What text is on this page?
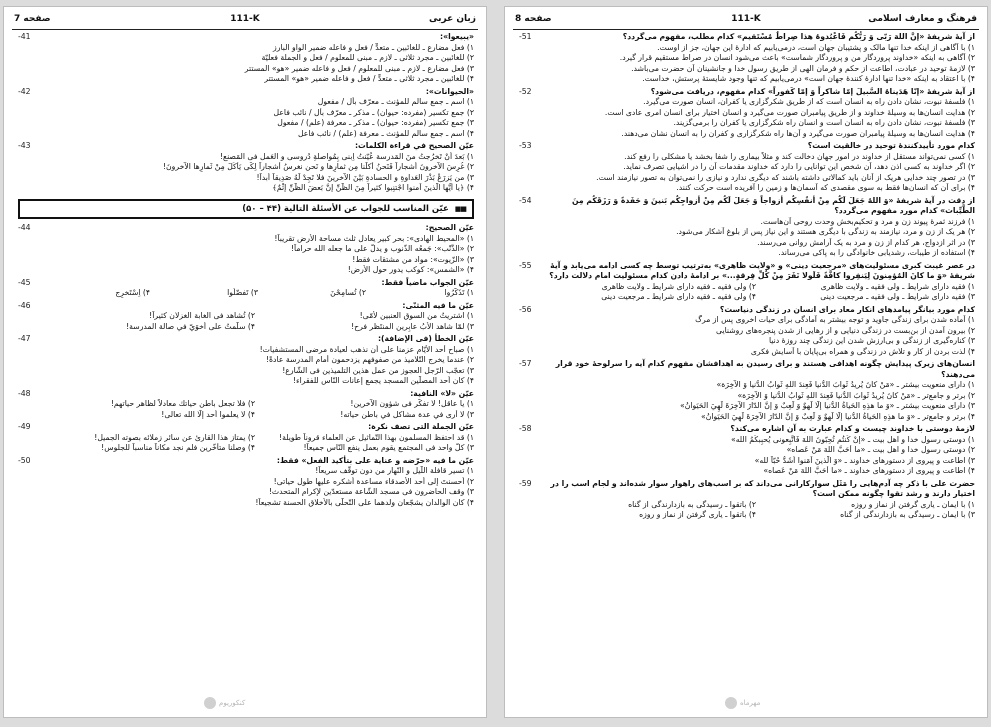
صفحه 7	111-K	زبان عربی
«يبيعوا»:
۱) فعل مضارع ـ للغائبین ـ متعدٍّ / فعل و فاعله ضمیر الواو البارز
۲) للغائبین ـ مجرد ثلاثی ـ لازم ـ مبنی للمعلوم / فعل و الجملة فعلیّة
۳) فعل مضارع ـ لازم ـ مبنی للمعلوم / فعل و فاعله ضمیر «هو» المستتر
۴) للغائبین ـ مجرد ثلاثی ـ متعدٍّ / فعل و فاعله ضمیر «هو» المستتر
-41
«الحيوانات»:
۱) اسم ـ جمع سالم للمؤنث ـ معرّف بأل / مفعول
۲) جمع تكسير (مفرده: حیوان) ـ مذکر ـ معرّف بأل / نائب فاعل
۳) جمع تكسير (مفرده: حیوان) ـ مذکر ـ معرفة (علم) / مفعول
۴) اسم ـ جمع سالم للمؤنث ـ معرفة (علم) / نائب فاعل
-42
عيّن الصحيح في قراءة الكلمات:
۱) بَعدَ أنْ تَخرُجتُ منَ المَدرسة عُيّنتُ اِبنی بِمُواصلةِ دُروسی و العَمل فی المَصنع!
۲) غُرِسَ الآخرونَ أشجاراً فَنَحنُ أكلْنا مِن ثمارِها و نَحن نغرسُ أشجاراً لِكَی يَأكُلَ مِنْ ثَمارِها الآخرونَ!
۳) من یَزرَعْ بَذْرَ العَداوةِ و الحسادةِ بَیْنَ الآخرینَ فلا تَجِدْ لَهُ صَدِيقاً أبداً!
۴) ﴿يا أيُّها الّذينَ آمنوا اجْتنِبوا كثيراً مِنَ الظَّنِّ إنَّ بَعضَ الظَّنِّ إثْمٌ﴾
-43
■■
عيّن المناسب للجواب عن الأسئلة التالية (۴۴ – ۵۰)
عيّن الصحيح:
۱) «المحيط الهادی»: بحر كبير يعادل ثلث مساحة الأرض تقريباً!
۲) «الذَّنْب»: جَمعُه الذّنوب و يدلّ على ما جعله الله حراماً!
۳) «الزّيوت»: مواد من مشتقات فقط!
۴) «الشمس»: كوكب يدور حول الأرض!
-44
عيّن الجواب ماضياً فقط:
۱) تَذَكَّرُوا
۲) تُسامِحْنَ
۳) تَفضّلُوا
۴) اِسْتَخرِج
-45
عيّن ما فيه المثنّى:
۱) اشتريتُ من السوق العنبین لأمّی!
۲) تُشاهد فی الغابة الغزلان كثيراً!
۳) لمّا شاهد الأبُ عابِرين المنتَظر فرح!
۴) سلّمتُ على أخوَيّ في صالة المدرسة!
-46
عيّن الخطأ (فی الإضافة):
۱) صباح أحد الأيّام عزمنا على أن نذهب لعيادة مرضى المستشفيات!
۲) عندما يخرج التّلاميذ من صفوفهم يزدحمون أمام المدرسة عادةً!
۳) تعجّب الرّجل العجوز من عمل هذين التلميذين فی الشّارع!
۴) كان أحد المصلّين المسجد يجمع إعانات النّاس للفقراء!
-47
عيّن «لا» النافية:
۱) يا عاقل! لا تفكّر فی شؤون الآخرين!
۲) فلا تجعل باطن حياتك معادلاً لظاهر حياتهم!
۳) لا أرى في عدة مشاكل في باطن حياته!
۴) لا يعلموا أحد إلّا الله تعالى!
-48
عيّن الجملة التی تصف نكرة:
۱) قد احتفظ المسلمون بهذا التّماثيل عن العلماء قروناً طويلة!
۲) يمتاز هذا القارئ عن سائر زملائه بصوته الجميل!
۳) كلّ واحد فی المجتمع يقوم بعمل ينفع النّاس جميعاً!
۴) وصلنا متأخّرين فلم نجد مكاناً مناسباً للجلوس!
-49
عيّن ما فيه «حرّضه و عناية علی بتأكيد الفعل» فقط:
۱) تسير قافلة اللّيل و النّهار من دون توقّف سريعاً!
۲) أحسنتَ إلى أحد الأصدقاء مساعدة أشكره عليها طول حياتی!
۳) وقف الحاضرون فی مسجد الشّاعة مستعدّين لإكرام المتحدث!
۴) كان الوالدان يشجّعان ولدهما على التّحلّی بالأخلاق الحسنة تشجيعاً!
-50
کنکوریوم
صفحه 8	111-K	فرهنگ و معارف اسلامی
از آیهٔ شریفهٔ «إنَّ اللهَ رَبّی وَ رَبُّكُم فَاعْبُدوهُ هذا صِراطٌ مُسْتَقیم» كدام مطلب، مفهوم می‌گردد؟
۱) با آگاهی از اینكه خدا تنها مالک و پشتیبان جهان است، درمی‌یابیم كه ادارهٔ این جهان، جز از اوست.
۲) آگاهی به اینكه «خداوند پروردگار من و پروردگار شماست» باعث می‌شود انسان در صراط مستقیم قرار گیرد.
۳) لازمهٔ توحید در عبادت، اطاعت از حکم و فرمان الهی از طریق رسول خدا و جانشینان آن حضرت می‌باشد.
۴) با اعتقاد به اینكه «خدا تنها ادارهٔ کنندهٔ جهان است» درمی‌یابیم كه تنها وجود شایستهٔ پرستش، خداست.
-51
از آیهٔ شریفهٔ «إنّا هَدَيناهُ السَّبيلَ إمّا شاكراً وَ إمّا كَفوراً» كدام مفهوم، دریافت می‌شود؟
۱) فلسفهٔ نبوت، نشان دادن راه به انسان است كه از طریق شکرگزاری یا کفران، انسان صورت می‌گیرد.
۲) هدایت انسان‌ها به وسیلهٔ خداوند و از طریق پیامبران صورت می‌گیرد و انسان اختیار برای انسان امری عادی است.
۳) فلسفهٔ نبوت، نشان دادن راه به انسان است و انسان راه شکرگزاری یا کفران را برمی‌گزیند.
۴) هدایت انسان‌ها به وسیلهٔ پیامبران صورت می‌گیرد و آن‌ها راه شکرگزاری و کفران را به انسان نشان می‌دهند.
-52
كدام مورد تأییدکنندهٔ توحید در خالقیت است؟
۱) کسی نمی‌تواند مستقل از خداوند در امور جهان دخالت كند و مثلاً بیماری را شفا بخشد یا مشکلی را رفع كند.
۲) اگر خداوند به کسی اذن دهد، آن شخص این توانایی را دارد كه خداوند مقدمات آن را در اشیایی تصرف نماید.
۳) در تصور چند خدایی هریک از آنان باید کمالاتی داشته باشند که دیگری ندارد و نیازی را نمی‌توان به تصور نیازمند است.
۴) برای آن که انسان‌ها فقط به سوی مقصدی که آسمان‌ها و زمین را آفریده است حرکت کنند.
-53
از دقت در آیهٔ شریفهٔ «وَ اللهُ جَعَلَ لَكُم مِنْ أنفُسِكُم أزواجاً وَ جَعَلَ لَكُم مِنْ أزواجِكُم بَنينَ وَ حَفَدةً وَ رَزَقَكُم مِنَ الطَّيِّبات» كدام مورد مفهوم می‌گردد؟
۱) فرزند ثمرهٔ پیوند زن و مرد و تحکیم‌بخش وحدت روحی آن‌هاست.
۲) هر یک از زن و مرد، نیازمند به زندگی با دیگری هستند و این نیاز پس از بلوغ آشکار می‌شود.
۳) در اثر ازدواج، هر کدام از زن و مرد به یک آرامش روانی می‌رسند.
۴) استفاده از طیبات، رشدیابی خانوادگی را به پاکی می‌رساند.
-54
در عصر غیبت کبری مسئولیت‌های «مرجعیت دینی» و «ولایت ظاهری» به‌ترتیب توسط چه کسی ادامه می‌یابد و آیهٔ شریفهٔ «وَ ما كانَ المُؤمِنونَ لِيَنفِروا كافَّةً فَلَولا نَفَرَ مِنْ كُلِّ فِرقةٍ...» بر ادامهٔ دادن كدام مسئولیت امام دلالت دارد؟
۱) فقیه دارای شرایط ـ ولی فقیه ـ ولایت ظاهری
۲) ولی فقیه ـ فقیه دارای شرایط ـ ولایت ظاهری
۳) فقیه دارای شرایط ـ ولی فقیه ـ مرجعیت دینی
۴) ولی فقیه ـ فقیه دارای شرایط ـ مرجعیت دینی
-55
كدام مورد بیانگر پیامدهای انکار معاد برای انسان در زندگی دنیاست؟
۱) آماده شدن برای زندگی جاوید و توجه بیشتر به آمادگی برای حیات اخروی پس از مرگ
۲) بیرون آمدن از بن‌بست در زندگی دنیایی و از رهایی از شدن پنجره‌های روشنایی
۳) کناره‌گیری از زندگی و بی‌ارزش شدن این زندگی چند روزهٔ دنیا
۴) لذت بردن از کار و تلاش در زندگی و همراه بی‌پایان با آسایش فکری
-56
انسان‌های زیرک پیدایش چگونه اهدافی هستند و برای رسیدن به اهدافشان مفهوم کدام آیه را سرلوحهٔ خود قرار می‌دهند؟
۱) دارای منعویت بیشتر ـ «مَنْ كانَ يُريدُ ثَوابَ الدُّنيا فَعِندَ اللهِ ثَوابُ الدُّنيا وَ الآخِرَة»
۲) برتر و جامع‌تر ـ «مَنْ كانَ يُريدُ ثَوابَ الدُّنيا فَعِندَ اللهِ ثَوابُ الدُّنيا وَ الآخِرَة»
۳) دارای منعویت بیشتر ـ «وَ ما هذِهِ الحَياةُ الدُّنيا إلّا لَهوٌ وَ لَعِبٌ وَ إنَّ الدّارَ الآخِرَةَ لَهِيَ الحَيَوانُ»
۴) برتر و جامع‌تر ـ «وَ ما هذِهِ الحَياةُ الدُّنيا إلّا لَهوٌ وَ لَعِبٌ وَ إنَّ الدّارَ الآخِرَةَ لَهِيَ الحَيَوانُ»
-57
لازمهٔ دوستی با خداوند چیست و كدام عبارت به آن اشاره می‌كند؟
۱) دوستی رسول خدا و اهل بیت ـ «إنْ كُنتُم تُحِبّونَ اللهَ فَاتَّبِعونی يُحبِبكُمُ الله»
۲) دوستی رسول خدا و اهل بیت ـ «ما أحَبَّ اللهَ مَنْ عَصاه»
۳) اطاعت و پیروی از دستورهای خداوند ـ «وَ الَّذينَ آمَنوا أشَدُّ حُبّاً لله»
۴) اطاعت و پیروی از دستورهای خداوند ـ «ما أحَبَّ اللهَ مَنْ عَصاه»
-58
حضرت علی با ذکر چه آدم‌هایی را مَثَل سوارکارانی می‌داند كه بر اسب‌های راهوار سوار شده‌اند و لجام اسب را در اختیار دارند و رشد تقوا چگونه ممکن است؟
۱) با ایمان ـ یاری گرفتن از نماز و روزه
۲) باتقوا ـ رسیدگی به بازدارندگی از گناه
۳) با ایمان ـ رسیدگی به بازدارندگی از گناه
۴) باتقوا ـ یاری گرفتن از نماز و روزه
-59
مهرماه
